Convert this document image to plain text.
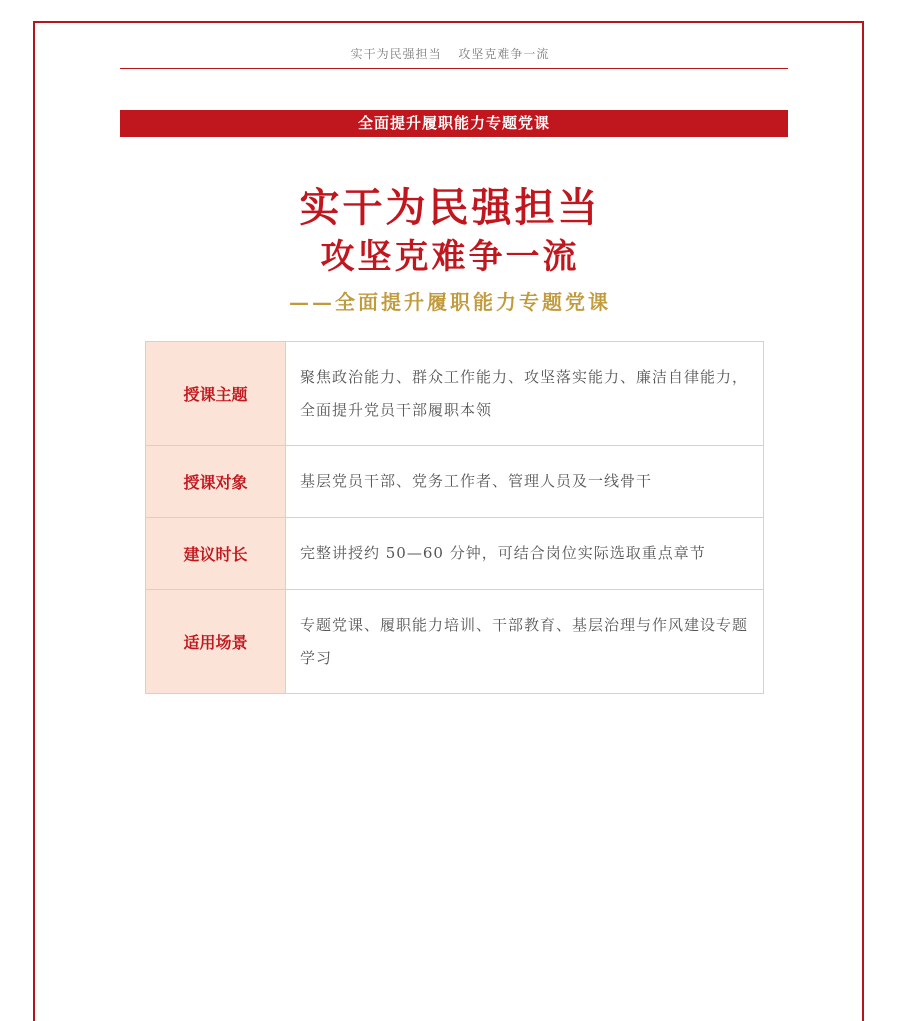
实干为民强担当 攻坚克难争一流
全面提升履职能力专题党课
实干为民强担当
攻坚克难争一流
——全面提升履职能力专题党课
授课主题	聚焦政治能力、群众工作能力、攻坚落实能力、廉洁自律能力，全面提升党员干部履职本领
授课对象	基层党员干部、党务工作者、管理人员及一线骨干
建议时长	完整讲授约 50—60 分钟，可结合岗位实际选取重点章节
适用场景	专题党课、履职能力培训、干部教育、基层治理与作风建设专题学习
